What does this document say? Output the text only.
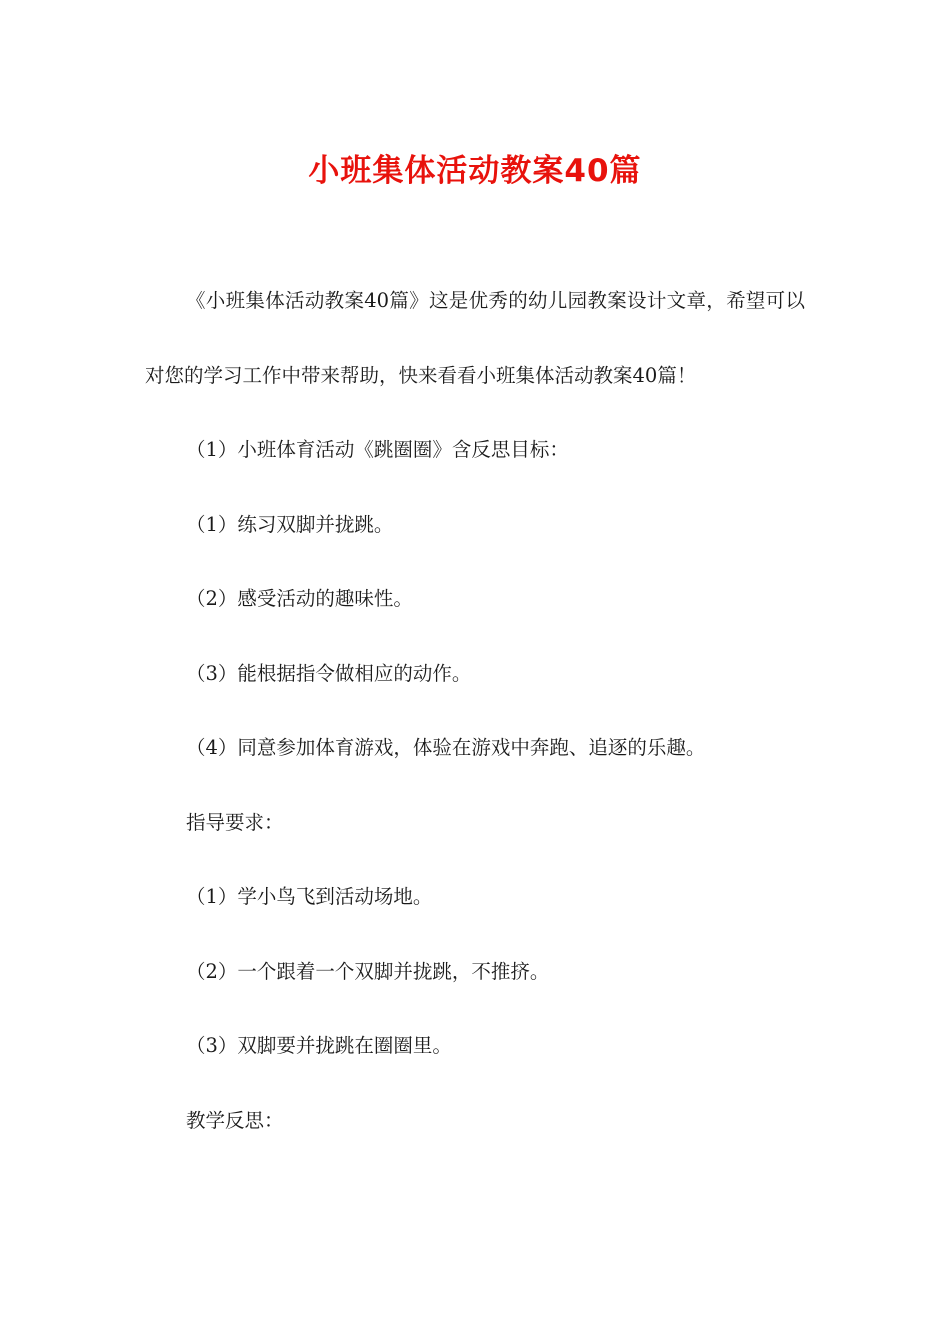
小班集体活动教案40篇

《小班集体活动教案40篇》这是优秀的幼儿园教案设计文章，希望可以对您的学习工作中带来帮助，快来看看小班集体活动教案40篇！

（1）小班体育活动《跳圈圈》含反思目标：

（1）练习双脚并拢跳。

（2）感受活动的趣味性。

（3）能根据指令做相应的动作。

（4）同意参加体育游戏，体验在游戏中奔跑、追逐的乐趣。

指导要求：

（1）学小鸟飞到活动场地。

（2）一个跟着一个双脚并拢跳，不推挤。

（3）双脚要并拢跳在圈圈里。

教学反思：
